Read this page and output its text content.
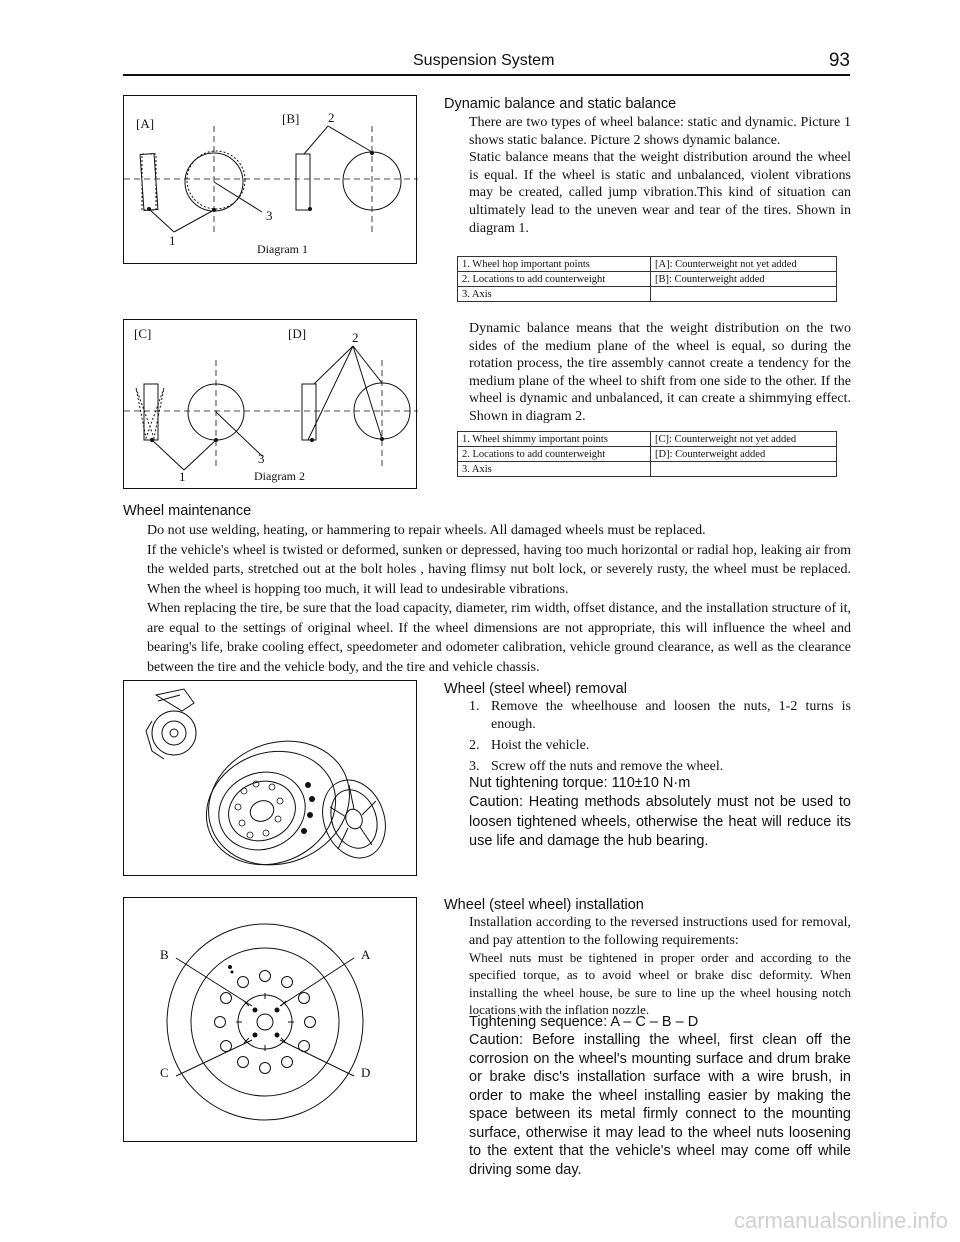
Suspension System	93
[A]	[B] 2
3
1
Diagram 1
Dynamic balance and static balance

There are two types of wheel balance: static and dynamic. Picture 1 shows static balance. Picture 2 shows dynamic balance.

Static balance means that the weight distribution around the wheel is equal. If the wheel is static and unbalanced, violent vibrations may be created, called jump vibration.This kind of situation can ultimately lead to the uneven wear and tear of the tires. Shown in diagram 1.

1. Wheel hop important points	[A]: Counterweight not yet added
2. Locations to add counterweight	[B]: Counterweight added
3. Axis	
[C]	[D]	2
3
1	Diagram 2
Dynamic balance means that the weight distribution on the two sides of the medium plane of the wheel is equal, so during the rotation process, the tire assembly cannot create a tendency for the medium plane of the wheel to shift from one side to the other. If the wheel is dynamic and unbalanced, it can create a shimmying effect. Shown in diagram 2.
1. Wheel shimmy important points	[C]: Counterweight not yet added
2. Locations to add counterweight	[D]: Counterweight added
3. Axis	
Wheel maintenance

Do not use welding, heating, or hammering to repair wheels. All damaged wheels must be replaced.

If the vehicle's wheel is twisted or deformed, sunken or depressed, having too much horizontal or radial hop, leaking air from the welded parts, stretched out at the bolt holes , having flimsy nut bolt lock, or severely rusty, the wheel must be replaced. When the wheel is hopping too much, it will lead to undesirable vibrations.

When replacing the tire, be sure that the load capacity, diameter, rim width, offset distance, and the installation structure of it, are equal to the settings of original wheel. If the wheel dimensions are not appropriate, this will influence the wheel and bearing's life, brake cooling effect, speedometer and odometer calibration, vehicle ground clearance, as well as the clearance between the tire and the vehicle body, and the tire and vehicle chassis.

Wheel (steel wheel) removal
1. Remove the wheelhouse and loosen the nuts, 1-2 turns is enough.
2. Hoist the vehicle.
3. Screw off the nuts and remove the wheel.
Nut tightening torque: 110±10 N·m
Caution: Heating methods absolutely must not be used to loosen tightened wheels, otherwise the heat will reduce its use life and damage the hub bearing.
B	A
C	D
Wheel (steel wheel) installation

Installation according to the reversed instructions used for removal, and pay attention to the following requirements:

Wheel nuts must be tightened in proper order and according to the specified torque, as to avoid wheel or brake disc deformity. When installing the wheel house, be sure to line up the wheel housing notch locations with the inflation nozzle.

Tightening sequence: A – C – B – D
Caution: Before installing the wheel, first clean off the corrosion on the wheel's mounting surface and drum brake or brake disc's installation surface with a wire brush, in order to make the wheel installing easier by making the space between its metal firmly connect to the mounting surface, otherwise it may lead to the wheel nuts loosening to the extent that the vehicle's wheel may come off while driving some day.
carmanualsonline.info
